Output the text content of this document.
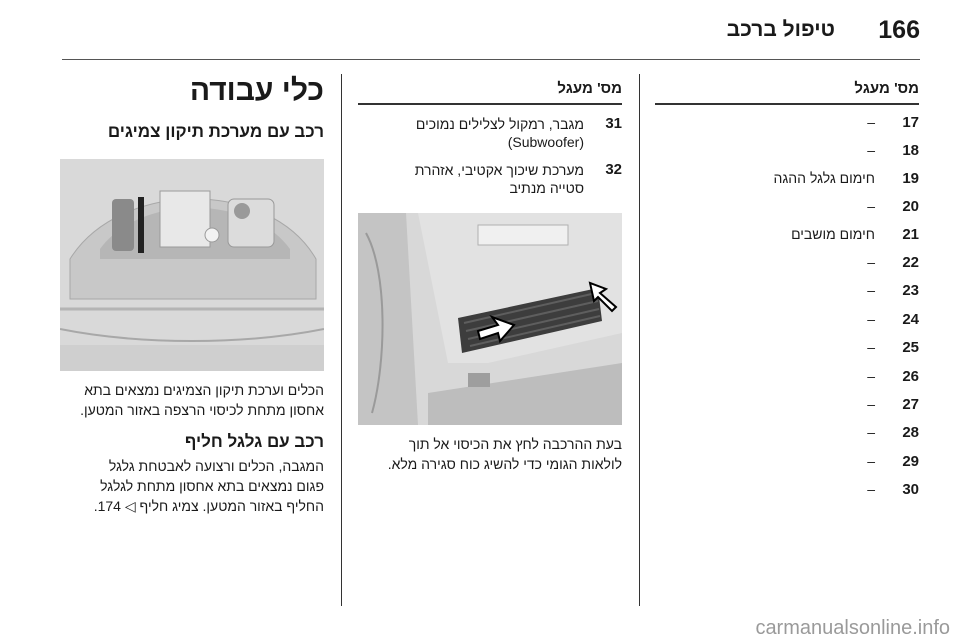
166
טיפול ברכב
מס' מעגל
17
–
18
–
19
חימום גלגל ההגה
20
–
21
חימום מושבים
22
–
23
–
24
–
25
–
26
–
27
–
28
–
29
–
30
–
מס' מעגל
31
מגבר, רמקול לצלילים נמוכים
(Subwoofer)
32
מערכת שיכוך אקטיבי, אזהרת
סטייה מנתיב
בעת ההרכבה לחץ את הכיסוי אל תוך
לולאות הגומי כדי להשיג כוח סגירה מלא.
כלי עבודה
רכב עם מערכת תיקון צמיגים
הכלים וערכת תיקון הצמיגים נמצאים בתא
אחסון מתחת לכיסוי הרצפה באזור המטען.
רכב עם גלגל חליף
המגבה, הכלים ורצועה לאבטחת גלגל
פגום נמצאים בתא אחסון מתחת לגלגל
החליף באזור המטען. צמיג חליף ◁ 174.
carmanualsonline.info
